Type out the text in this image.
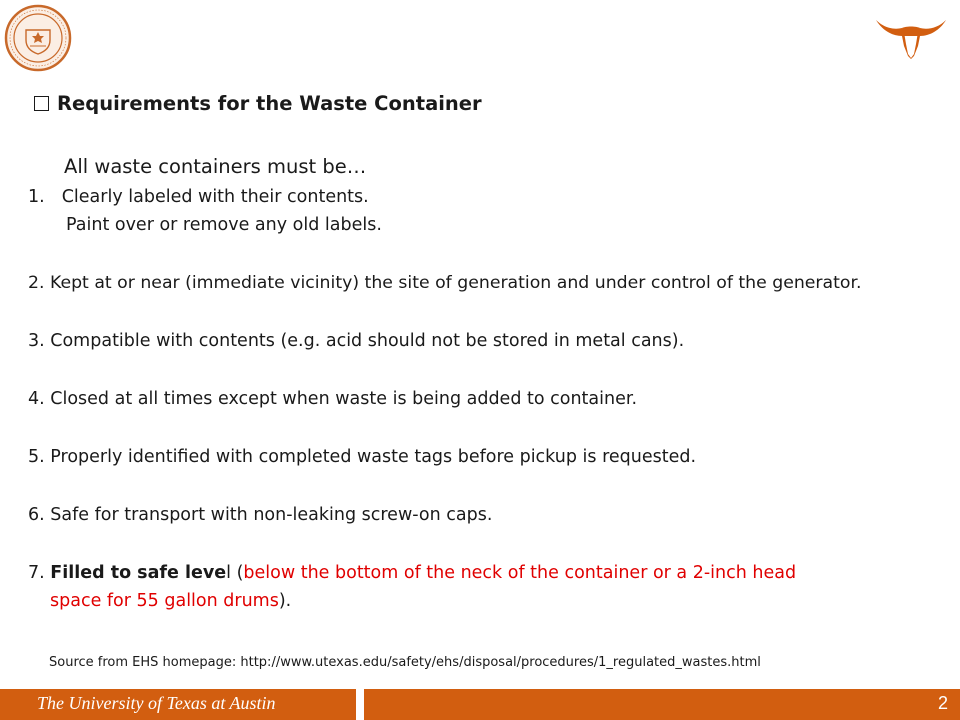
Requirements for the Waste Container
All waste containers must be…
1. Clearly labeled with their contents.
Paint over or remove any old labels.
2. Kept at or near (immediate vicinity) the site of generation and under control of the generator.
3. Compatible with contents (e.g. acid should not be stored in metal cans).
4. Closed at all times except when waste is being added to container.
5. Properly identified with completed waste tags before pickup is requested.
6. Safe for transport with non-leaking screw-on caps.
7. Filled to safe level (below the bottom of the neck of the container or a 2-inch head
space for 55 gallon drums).
Source from EHS homepage: http://www.utexas.edu/safety/ehs/disposal/procedures/1_regulated_wastes.html
The University of Texas at Austin	2
